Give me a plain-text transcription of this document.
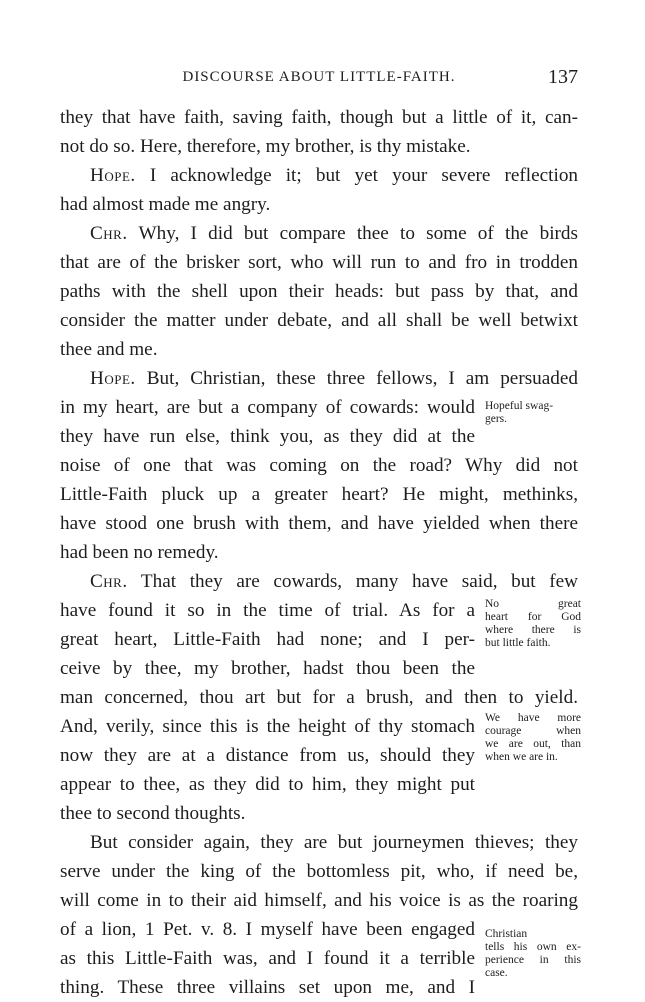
DISCOURSE ABOUT LITTLE-FAITH.	137
they that have faith, saving faith, though but a little of it, can-
not do so. Here, therefore, my brother, is thy mistake.
Hope. I acknowledge it; but yet your severe reflection
had almost made me angry.
Chr. Why, I did but compare thee to some of the birds
that are of the brisker sort, who will run to and fro in trodden
paths with the shell upon their heads: but pass by that, and
consider the matter under debate, and all shall be well betwixt
thee and me.
Hope. But, Christian, these three fellows, I am persuaded
in my heart, are but a company of cowards: would
they have run else, think you, as they did at the
noise of one that was coming on the road? Why did not
Little-Faith pluck up a greater heart? He might, methinks,
have stood one brush with them, and have yielded when there
had been no remedy.
Chr. That they are cowards, many have said, but few
have found it so in the time of trial. As for a
great heart, Little-Faith had none; and I per-
ceive by thee, my brother, hadst thou been the
man concerned, thou art but for a brush, and then to yield.
And, verily, since this is the height of thy stomach
now they are at a distance from us, should they
appear to thee, as they did to him, they might put
thee to second thoughts.
But consider again, they are but journeymen thieves; they
serve under the king of the bottomless pit, who, if need be,
will come in to their aid himself, and his voice is as the roaring
of a lion, 1 Pet. v. 8. I myself have been engaged
as this Little-Faith was, and I found it a terrible
thing. These three villains set upon me, and I
Hopeful swag-
gers.
No great
heart for God
where there is
but little faith.
We have more
courage when
we are out, than
when we are in.
Christian
tells his own ex-
perience in this
case.
